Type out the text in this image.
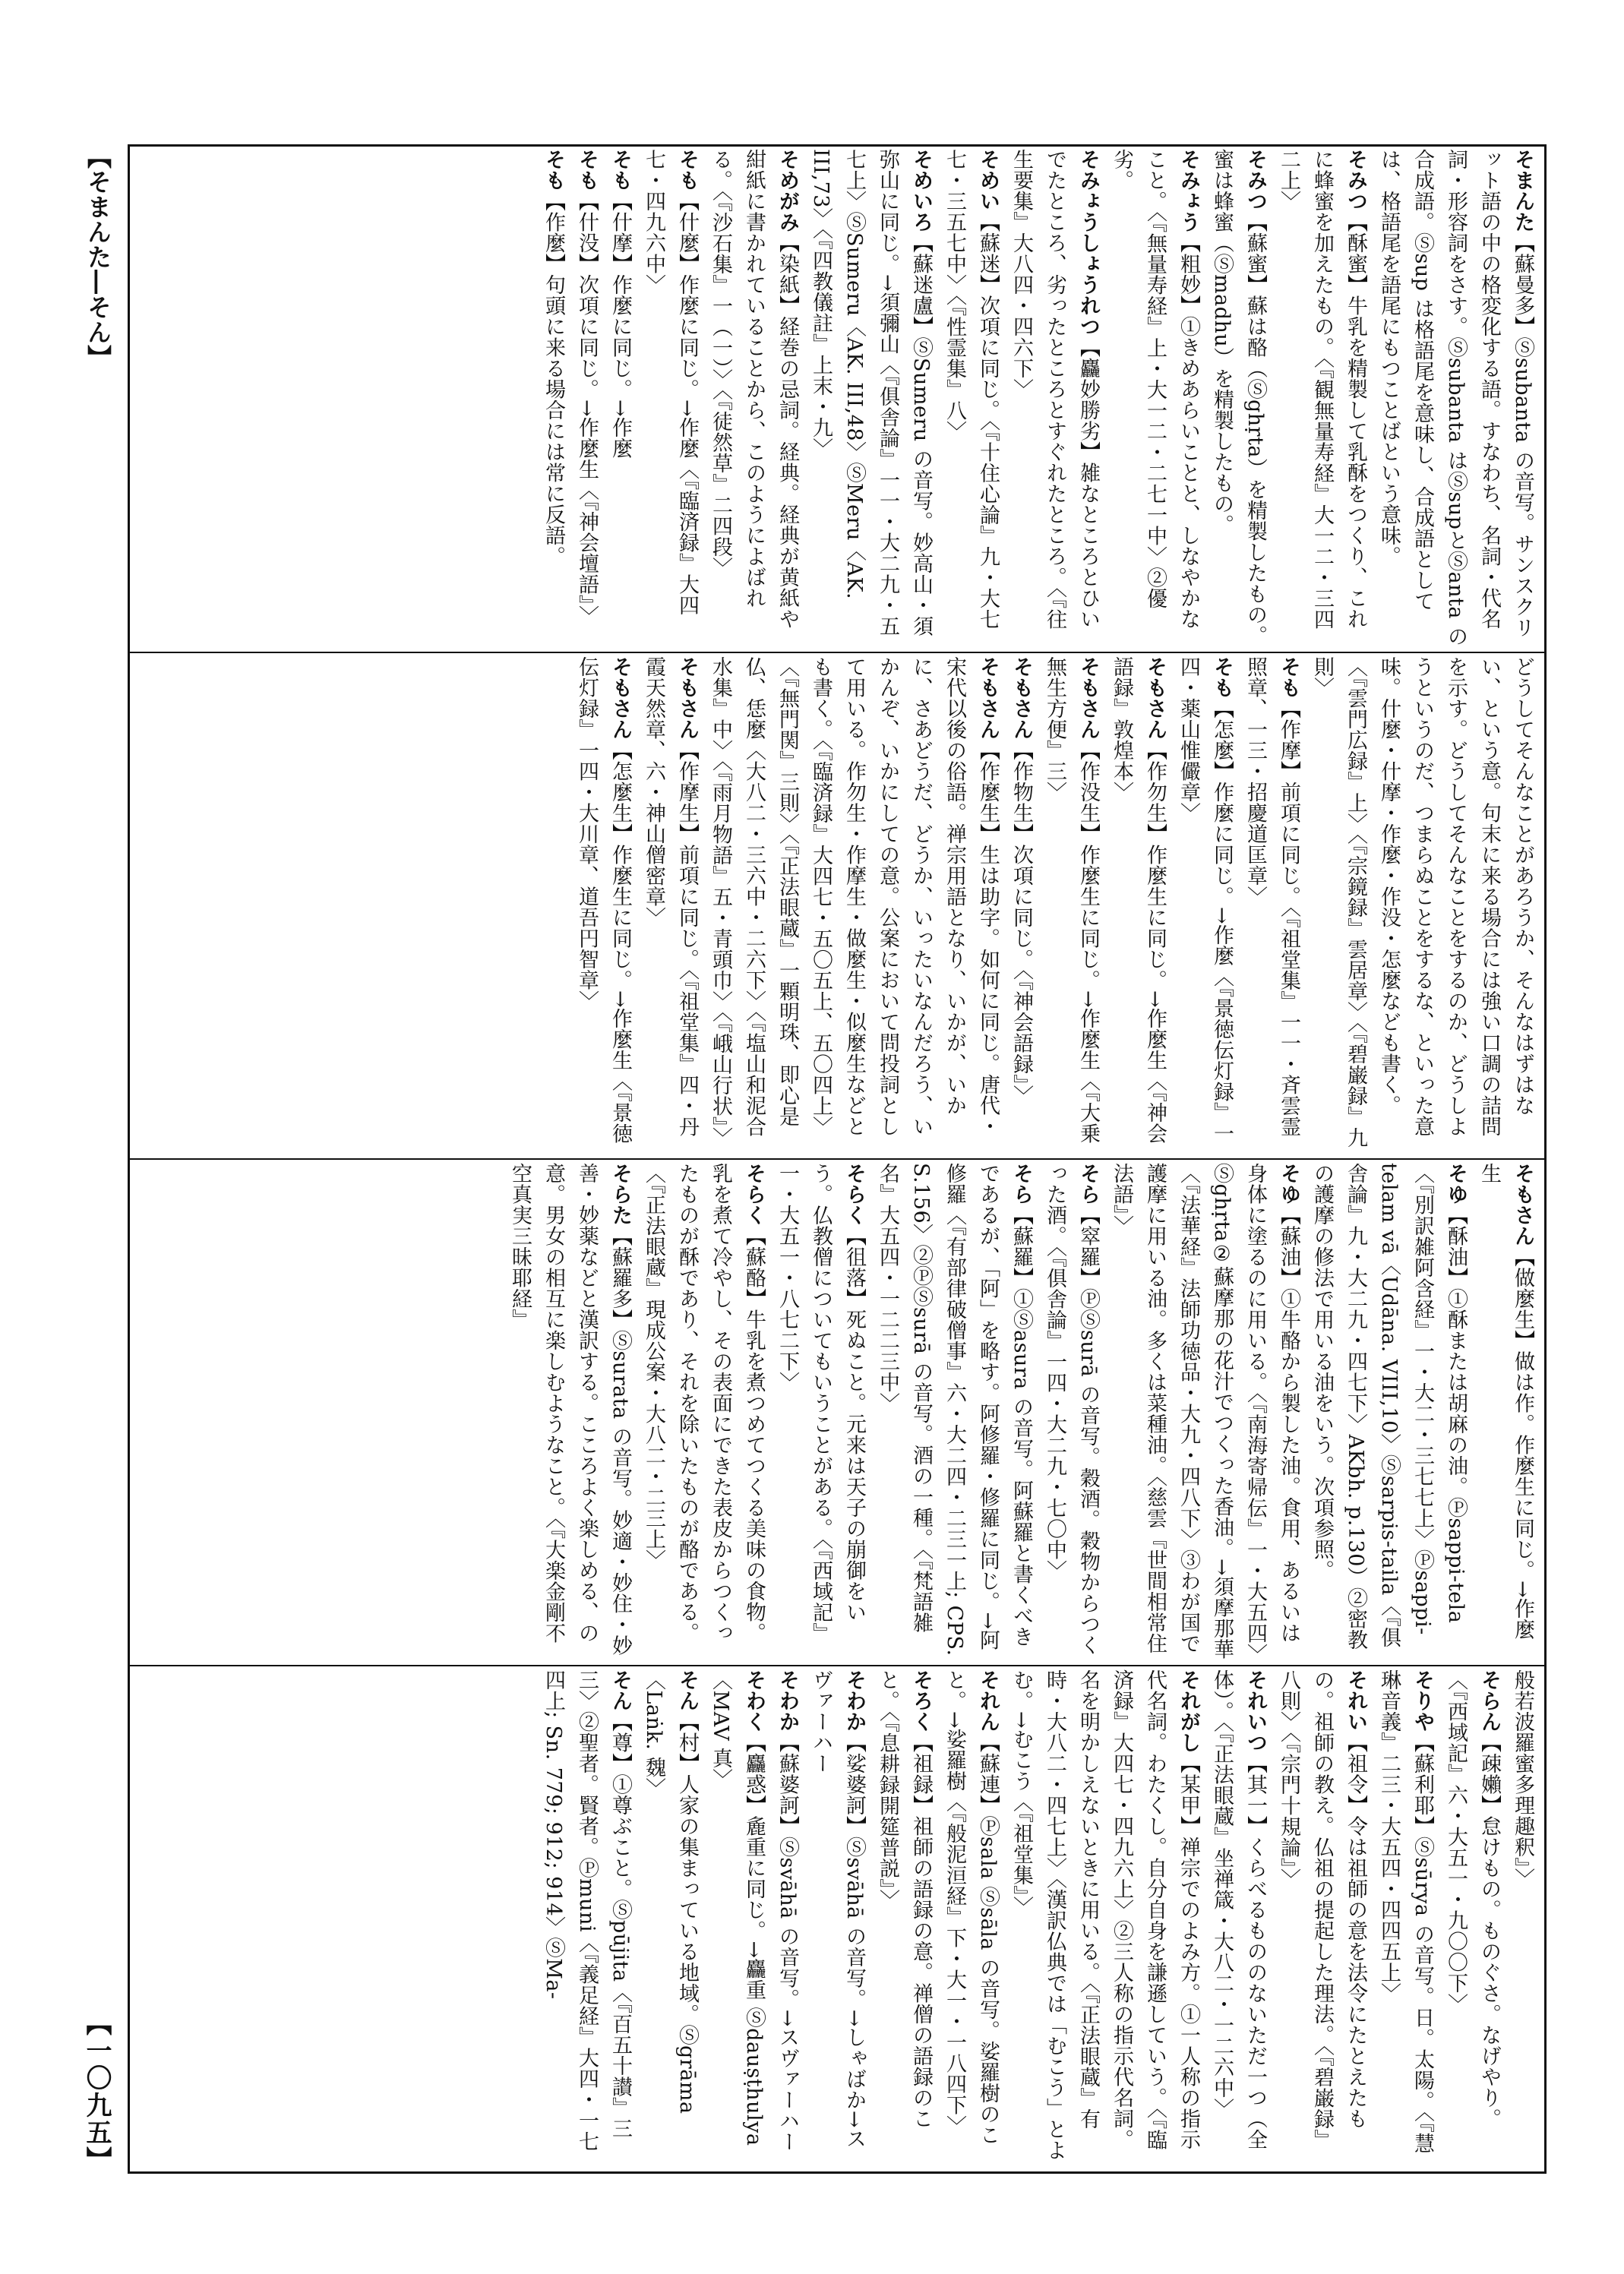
【そまんた―そん】	そまんた【蘇曼多】Ⓢsubanta の音写。サンスクリット語の中の格変化する語。すなわち、名詞・代名詞・形容詞をさす。Ⓢsubanta はⓈsupとⓈanta の合成語。Ⓢsup は格語尾を意味し、合成語としては、格語尾を語尾にもつことばという意味。

そみつ【酥蜜】牛乳を精製して乳酥をつくり、これに蜂蜜を加えたもの。〈『観無量寿経』大一二・三四二上〉

そみつ【蘇蜜】蘇は酪（Ⓢghṛta）を精製したもの。蜜は蜂蜜（Ⓢmadhu）を精製したもの。

そみょう【粗妙】①きめあらいことと、しなやかなこと。〈『無量寿経』上・大一二・二七一中〉②優劣。

そみょうしょうれつ【麤妙勝劣】雑なところとひいでたところ、劣ったところとすぐれたところ。〈『往生要集』大八四・四六下〉

そめい【蘇迷】次項に同じ。〈『十住心論』九・大七七・三五七中〉〈『性霊集』八〉

そめいろ【蘇迷盧】ⓈSumeru の音写。妙高山・須弥山に同じ。→須彌山〈『俱舎論』一一・大二九・五七上〉ⓈSumeru〈AK. III,48〉ⓈMeru〈AK. III,73〉〈『四教儀註』上末・九〉

そめがみ【染紙】経巻の忌詞。経典。経典が黄紙や紺紙に書かれていることから、このようによばれる。〈『沙石集』一（一）〉〈『徒然草』二四段〉

そも【什麼】作麼に同じ。→作麼〈『臨済録』大四七・四九六中〉

そも【什摩】作麼に同じ。→作麼

そも【什没】次項に同じ。→作麼生〈『神会壇語』〉

そも【作麼】句頭に来る場合には常に反語。

どうしてそんなことがあろうか、そんなはずはない、という意。句末に来る場合には強い口調の詰問を示す。どうしてそんなことをするのか、どうしようというのだ、つまらぬことをするな、といった意味。什麼・什摩・作麼・作没・怎麼なども書く。〈『雲門広録』上〉〈『宗鏡録』雲居章〉〈『碧巌録』九則〉

そも【作摩】前項に同じ。〈『祖堂集』一一・斉雲霊照章、一三・招慶道匡章〉

そも【怎麼】作麼に同じ。→作麼〈『景徳伝灯録』一四・薬山惟儼章〉

そもさん【作勿生】作麼生に同じ。→作麼生〈『神会語録』敦煌本〉

そもさん【作没生】作麼生に同じ。→作麼生〈『大乗無生方便』三〉

そもさん【作物生】次項に同じ。〈『神会語録』〉

そもさん【作麼生】生は助字。如何に同じ。唐代・宋代以後の俗語。禅宗用語となり、いかが、いかに、さあどうだ、どうか、いったいなんだろう、いかんぞ、いかにしての意。公案において問投詞として用いる。作勿生・作摩生・做麼生・似麼生などとも書く。〈『臨済録』大四七・五〇五上、五〇四上〉〈『無門関』三則〉〈『正法眼蔵』一顆明珠、即心是仏、恁麼〈大八二・三六中・二六下〉〈『塩山和泥合水集』中〉〈『雨月物語』五・青頭巾〉〈『峨山行状』〉

そもさん【作摩生】前項に同じ。〈『祖堂集』四・丹霞天然章、六・神山僧密章〉

そもさん【怎麼生】作麼生に同じ。→作麼生〈『景徳伝灯録』一四・大川章、道吾円智章〉

そもさん【做麼生】做は作。作麼生に同じ。→作麼生

そゆ【酥油】①酥または胡麻の油。Ⓟsappi-tela〈『別訳雑阿含経』一・大二・三七七上〉Ⓟsappi-telam vā〈Udāna. VIII,10〉Ⓢsarpis-taila〈『俱舎論』九・大二九・四七下〉AKbh. p.130）②密教の護摩の修法で用いる油をいう。次項参照。

そゆ【蘇油】①牛酪から製した油。食用、あるいは身体に塗るのに用いる。〈『南海寄帰伝』一・大五四〉Ⓢghṛta②蘇摩那の花汁でつくった香油。→須摩那華〈『法華経』法師功徳品・大九・四八下〉③わが国で護摩に用いる油。多くは菜種油。〈慈雲『世間相常住法語』〉

そら【窣羅】ⓅⓈsurā の音写。穀酒。穀物からつくった酒。〈『俱舎論』一四・大二九・七〇中〉

そら【蘇羅】①Ⓢasura の音写。阿蘇羅と書くべきであるが、「阿」を略す。阿修羅・修羅に同じ。→阿修羅〈『有部律破僧事』六・大二四・二三一上; CPS. S.156〉②ⓅⓈsurā の音写。酒の一種。〈『梵語雑名』大五四・一二二三中〉

そらく【徂落】死ぬこと。元来は天子の崩御をいう。仏教僧についてもいうことがある。〈『西域記』一・大五一・八七二下〉

そらく【蘇酪】牛乳を煮つめてつくる美味の食物。乳を煮て冷やし、その表面にできた表皮からつくったものが酥であり、それを除いたものが酪である。〈『正法眼蔵』現成公案・大八二・二三上〉

そらた【蘇羅多】Ⓢsurata の音写。妙適・妙住・妙善・妙薬などと漢訳する。こころよく楽しめる、の意。男女の相互に楽しむようなこと。〈『大楽金剛不空真実三昧耶経』

般若波羅蜜多理趣釈』〉

そらん【疎嬾】怠けもの。ものぐさ。なげやり。〈『西域記』六・大五一・九〇〇下〉

そりや【蘇利耶】Ⓢsūrya の音写。日。太陽。〈『慧琳音義』二三・大五四・四四五上〉

それい【祖令】令は祖師の意を法令にたとえたもの。祖師の教え。仏祖の提起した理法。〈『碧巌録』八則〉〈『宗門十規論』〉

それいつ【其一】くらべるもののないただ一つ（全体）。〈『正法眼蔵』坐禅箴・大八二・一二六中〉

それがし【某甲】禅宗でのよみ方。①一人称の指示代名詞。わたくし。自分自身を謙遜していう。〈『臨済録』大四七・四九六上〉②三人称の指示代名詞。名を明かしえないときに用いる。〈『正法眼蔵』有時・大八二・四七上〉〈漢訳仏典では「むこう」とよむ。→むこう〈『祖堂集』〉

それん【蘇連】Ⓟsala Ⓢsāla の音写。娑羅樹のこと。→娑羅樹〈『般泥洹経』下・大一・一八四下〉

そろく【祖録】祖師の語録の意。禅僧の語録のこと。〈『息耕録開筵普説』〉

そわか【娑婆訶】Ⓢsvāhā の音写。→しゃばか→スヴァーハー

そわか【蘇婆訶】Ⓢsvāhā の音写。→スヴァーハー

そわく【麤惑】麁重に同じ。→麤重 Ⓢdauṣṭhulya〈MAV 真〉

そん【村】人家の集まっている地域。Ⓢgrāma〈Laṅk. 魏〉

そん【尊】①尊ぶこと。Ⓢpūjita〈『百五十讃』三三〉②聖者。賢者。Ⓟmuni〈『義足経』大四・一七四上; Sn. 779; 912; 914〉ⓈMa-

【一〇九五】
